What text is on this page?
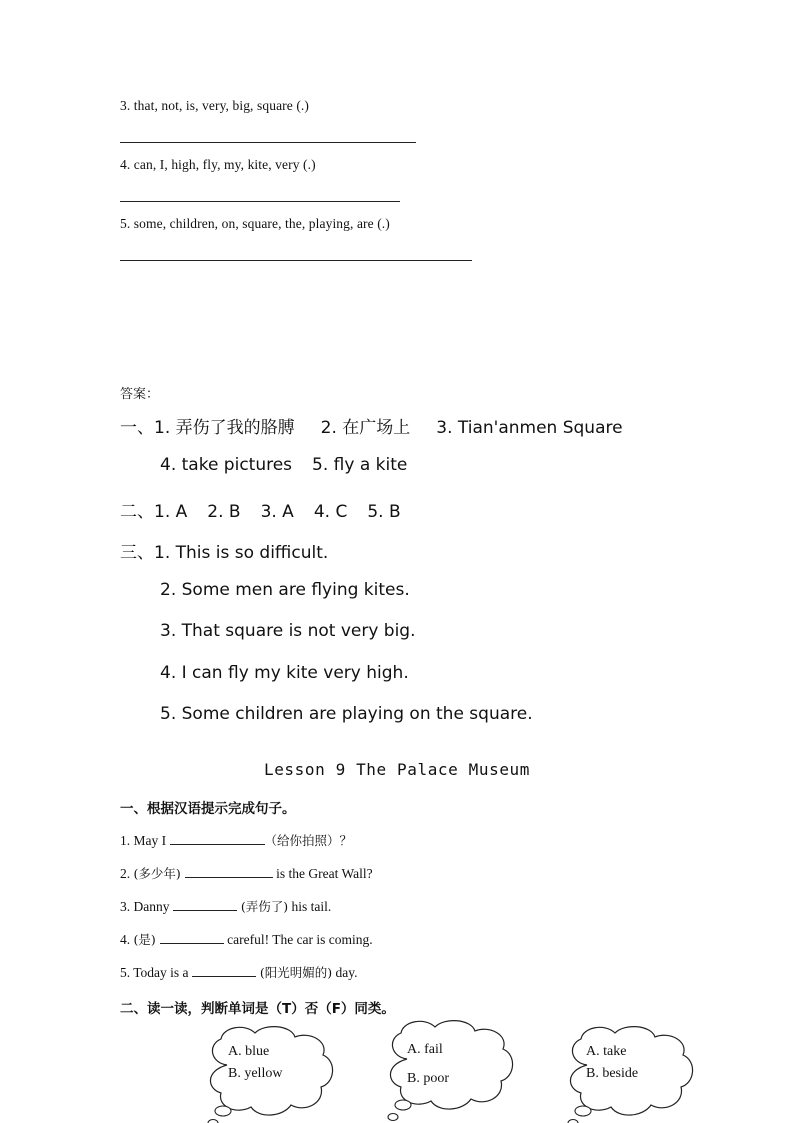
3. that, not, is, very, big, square (.)
4. can, I, high, fly, my, kite, very (.)
5. some, children, on, square, the, playing, are (.)
答案：
一、1. 弄伤了我的胳膊 2. 在广场上 3. Tian'anmen Square
4. take pictures 5. fly a kite
二、1. A 2. B 3. A 4. C 5. B
三、1. This is so difficult.
2. Some men are flying kites.
3. That square is not very big.
4. I can fly my kite very high.
5. Some children are playing on the square.
Lesson 9 The Palace Museum
一、根据汉语提示完成句子。
1. May I	（给你拍照）？
2. (多少年)	is the Great Wall?
3. Danny	(弄伤了) his tail.
4. (是)	careful! The car is coming.
5. Today is a	(阳光明媚的) day.
二、读一读，判断单词是（T）否（F）同类。
A. blue
B. yellow
A. fail
B. poor
A. take
B. beside
